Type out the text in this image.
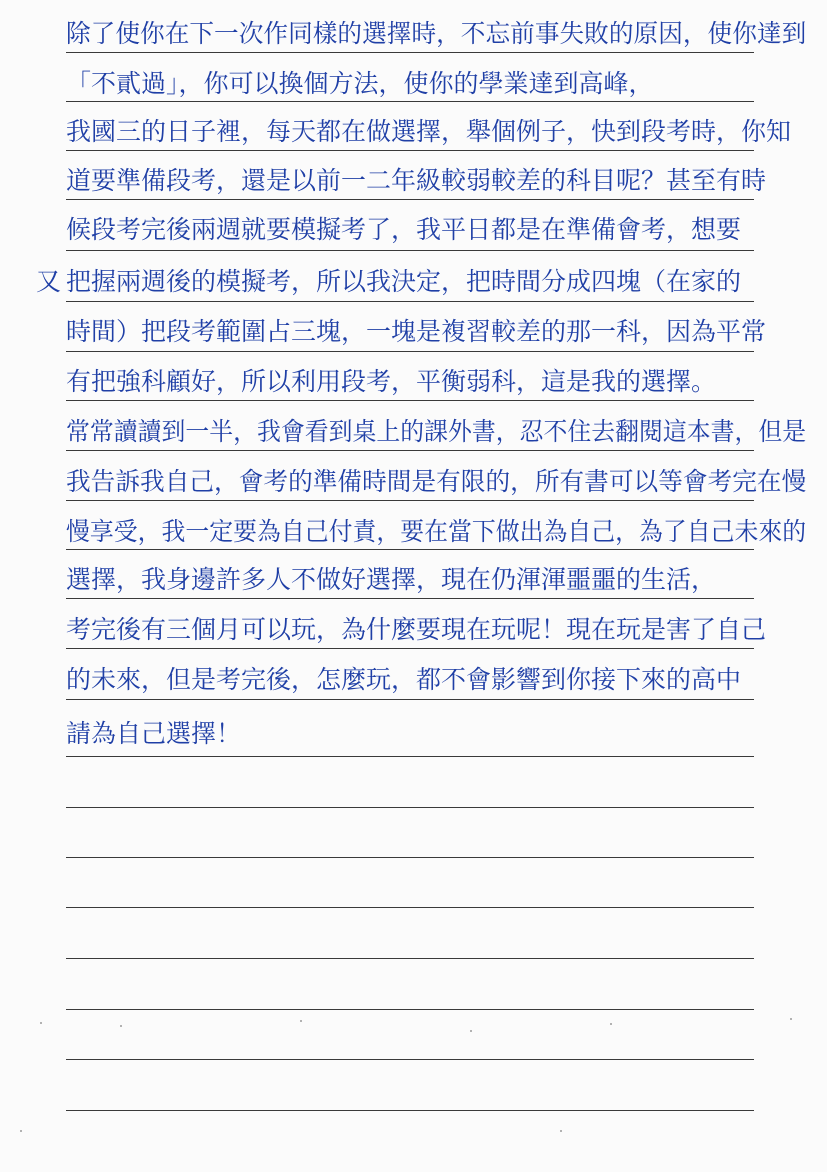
又
除了使你在下一次作同樣的選擇時，不忘前事失敗的原因，使你達到
「不貳過」，你可以換個方法，使你的學業達到高峰，
我國三的日子裡，每天都在做選擇，舉個例子，快到段考時，你知
道要準備段考，還是以前一二年級較弱較差的科目呢？甚至有時
候段考完後兩週就要模擬考了，我平日都是在準備會考，想要
把握兩週後的模擬考，所以我決定，把時間分成四塊（在家的
時間）把段考範圍占三塊，一塊是複習較差的那一科，因為平常
有把強科顧好，所以利用段考，平衡弱科，這是我的選擇。
常常讀讀到一半，我會看到桌上的課外書，忍不住去翻閱這本書，但是
我告訴我自己，會考的準備時間是有限的，所有書可以等會考完在慢
慢享受，我一定要為自己付責，要在當下做出為自己，為了自己未來的
選擇，我身邊許多人不做好選擇，現在仍渾渾噩噩的生活，
考完後有三個月可以玩，為什麼要現在玩呢！現在玩是害了自己
的未來，但是考完後，怎麼玩，都不會影響到你接下來的高中
請為自己選擇！
